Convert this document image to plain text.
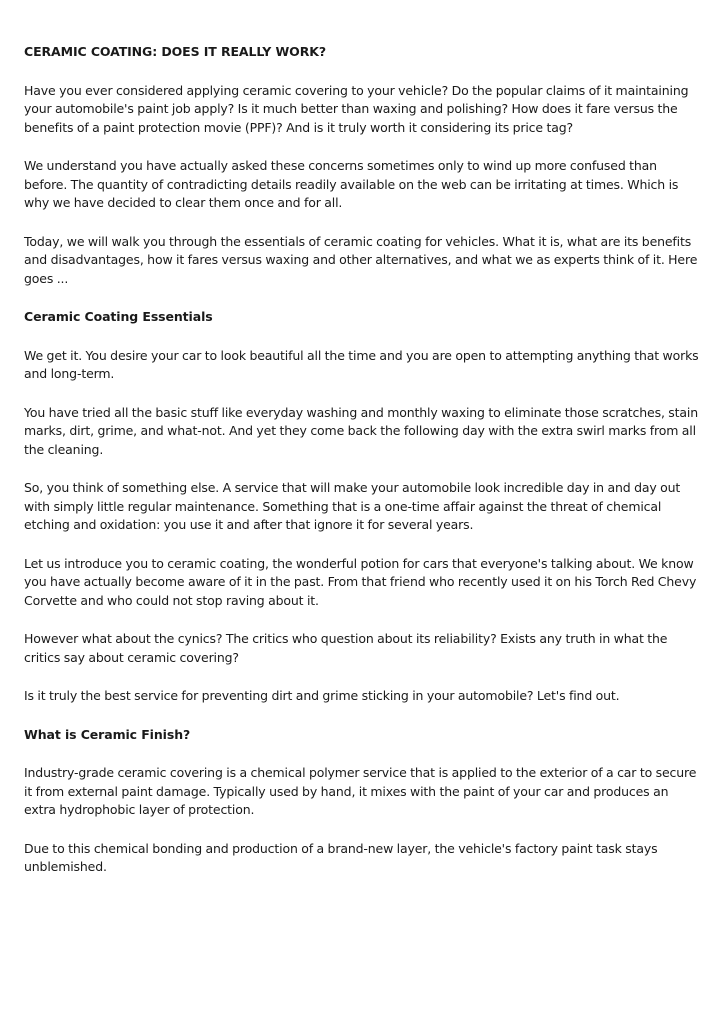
CERAMIC COATING: DOES IT REALLY WORK?

Have you ever considered applying ceramic covering to your vehicle? Do the popular claims of it maintaining your automobile's paint job apply? Is it much better than waxing and polishing? How does it fare versus the benefits of a paint protection movie (PPF)? And is it truly worth it considering its price tag?

We understand you have actually asked these concerns sometimes only to wind up more confused than before. The quantity of contradicting details readily available on the web can be irritating at times. Which is why we have decided to clear them once and for all.

Today, we will walk you through the essentials of ceramic coating for vehicles. What it is, what are its benefits and disadvantages, how it fares versus waxing and other alternatives, and what we as experts think of it. Here goes ...

Ceramic Coating Essentials

We get it. You desire your car to look beautiful all the time and you are open to attempting anything that works and long-term.

You have tried all the basic stuff like everyday washing and monthly waxing to eliminate those scratches, stain marks, dirt, grime, and what-not. And yet they come back the following day with the extra swirl marks from all the cleaning.

So, you think of something else. A service that will make your automobile look incredible day in and day out with simply little regular maintenance. Something that is a one-time affair against the threat of chemical etching and oxidation: you use it and after that ignore it for several years.

Let us introduce you to ceramic coating, the wonderful potion for cars that everyone's talking about. We know you have actually become aware of it in the past. From that friend who recently used it on his Torch Red Chevy Corvette and who could not stop raving about it.

However what about the cynics? The critics who question about its reliability? Exists any truth in what the critics say about ceramic covering?

Is it truly the best service for preventing dirt and grime sticking in your automobile? Let's find out.

What is Ceramic Finish?

Industry-grade ceramic covering is a chemical polymer service that is applied to the exterior of a car to secure it from external paint damage. Typically used by hand, it mixes with the paint of your car and produces an extra hydrophobic layer of protection.

Due to this chemical bonding and production of a brand-new layer, the vehicle's factory paint task stays unblemished.
